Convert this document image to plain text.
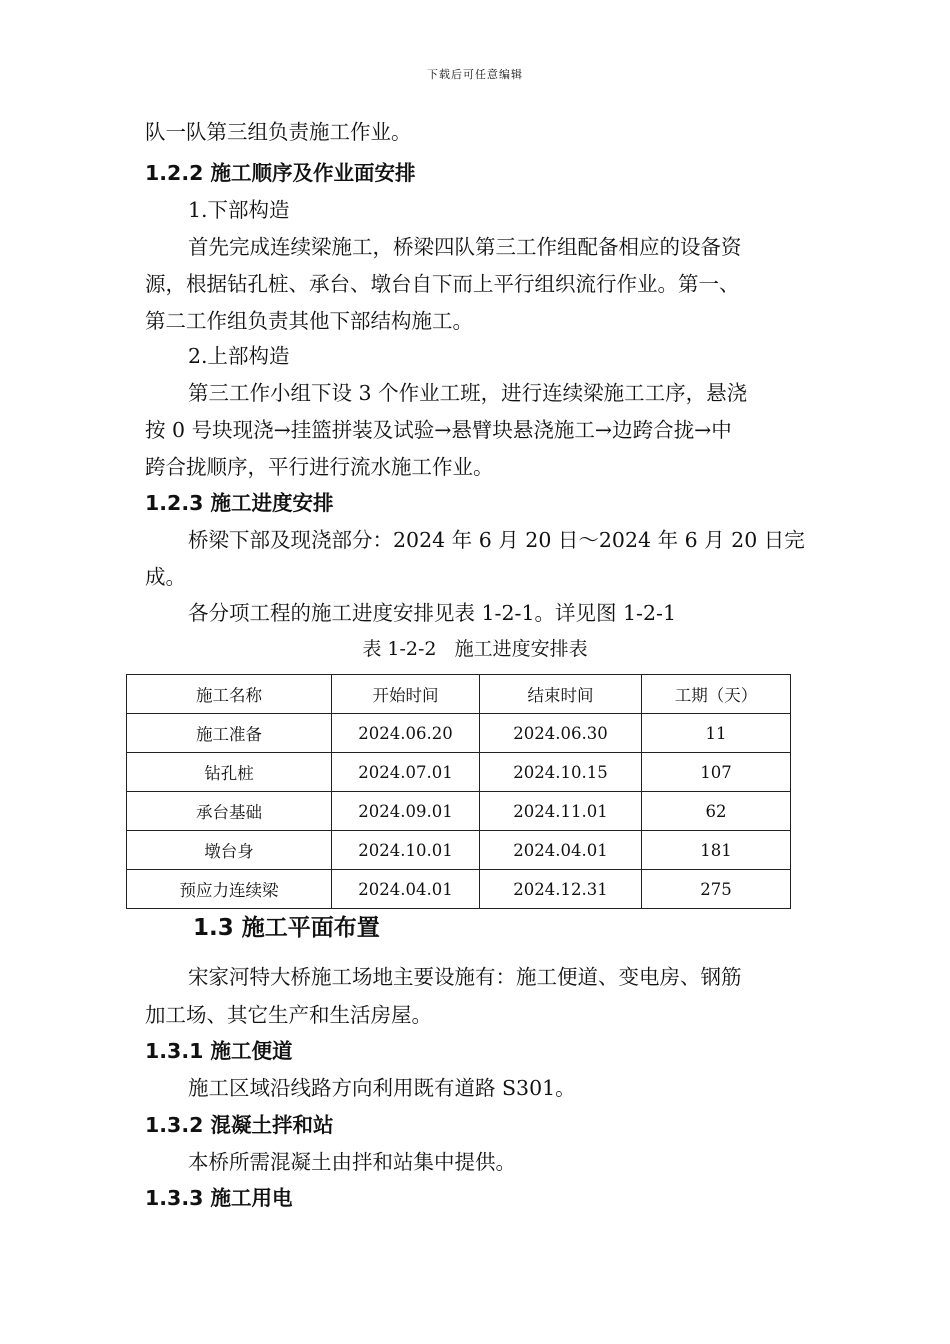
下载后可任意编辑
队一队第三组负责施工作业。
1.2.2 施工顺序及作业面安排
1.下部构造
首先完成连续梁施工，桥梁四队第三工作组配备相应的设备资
源，根据钻孔桩、承台、墩台自下而上平行组织流行作业。第一、
第二工作组负责其他下部结构施工。
2.上部构造
第三工作小组下设 3 个作业工班，进行连续梁施工工序，悬浇
按 0 号块现浇→挂篮拼装及试验→悬臂块悬浇施工→边跨合拢→中
跨合拢顺序，平行进行流水施工作业。
1.2.3 施工进度安排
桥梁下部及现浇部分：2024 年 6 月 20 日～2024 年 6 月 20 日完
成。
各分项工程的施工进度安排见表 1-2-1。详见图 1-2-1
表 1-2-2   施工进度安排表
施工名称	开始时间	结束时间	工期（天）
施工准备	2024.06.20	2024.06.30	11
钻孔桩	2024.07.01	2024.10.15	107
承台基础	2024.09.01	2024.11.01	62
墩台身	2024.10.01	2024.04.01	181
预应力连续梁	2024.04.01	2024.12.31	275
1.3 施工平面布置
宋家河特大桥施工场地主要设施有：施工便道、变电房、钢筋
加工场、其它生产和生活房屋。
1.3.1 施工便道
施工区域沿线路方向利用既有道路 S301。
1.3.2 混凝土拌和站
本桥所需混凝土由拌和站集中提供。
1.3.3 施工用电
